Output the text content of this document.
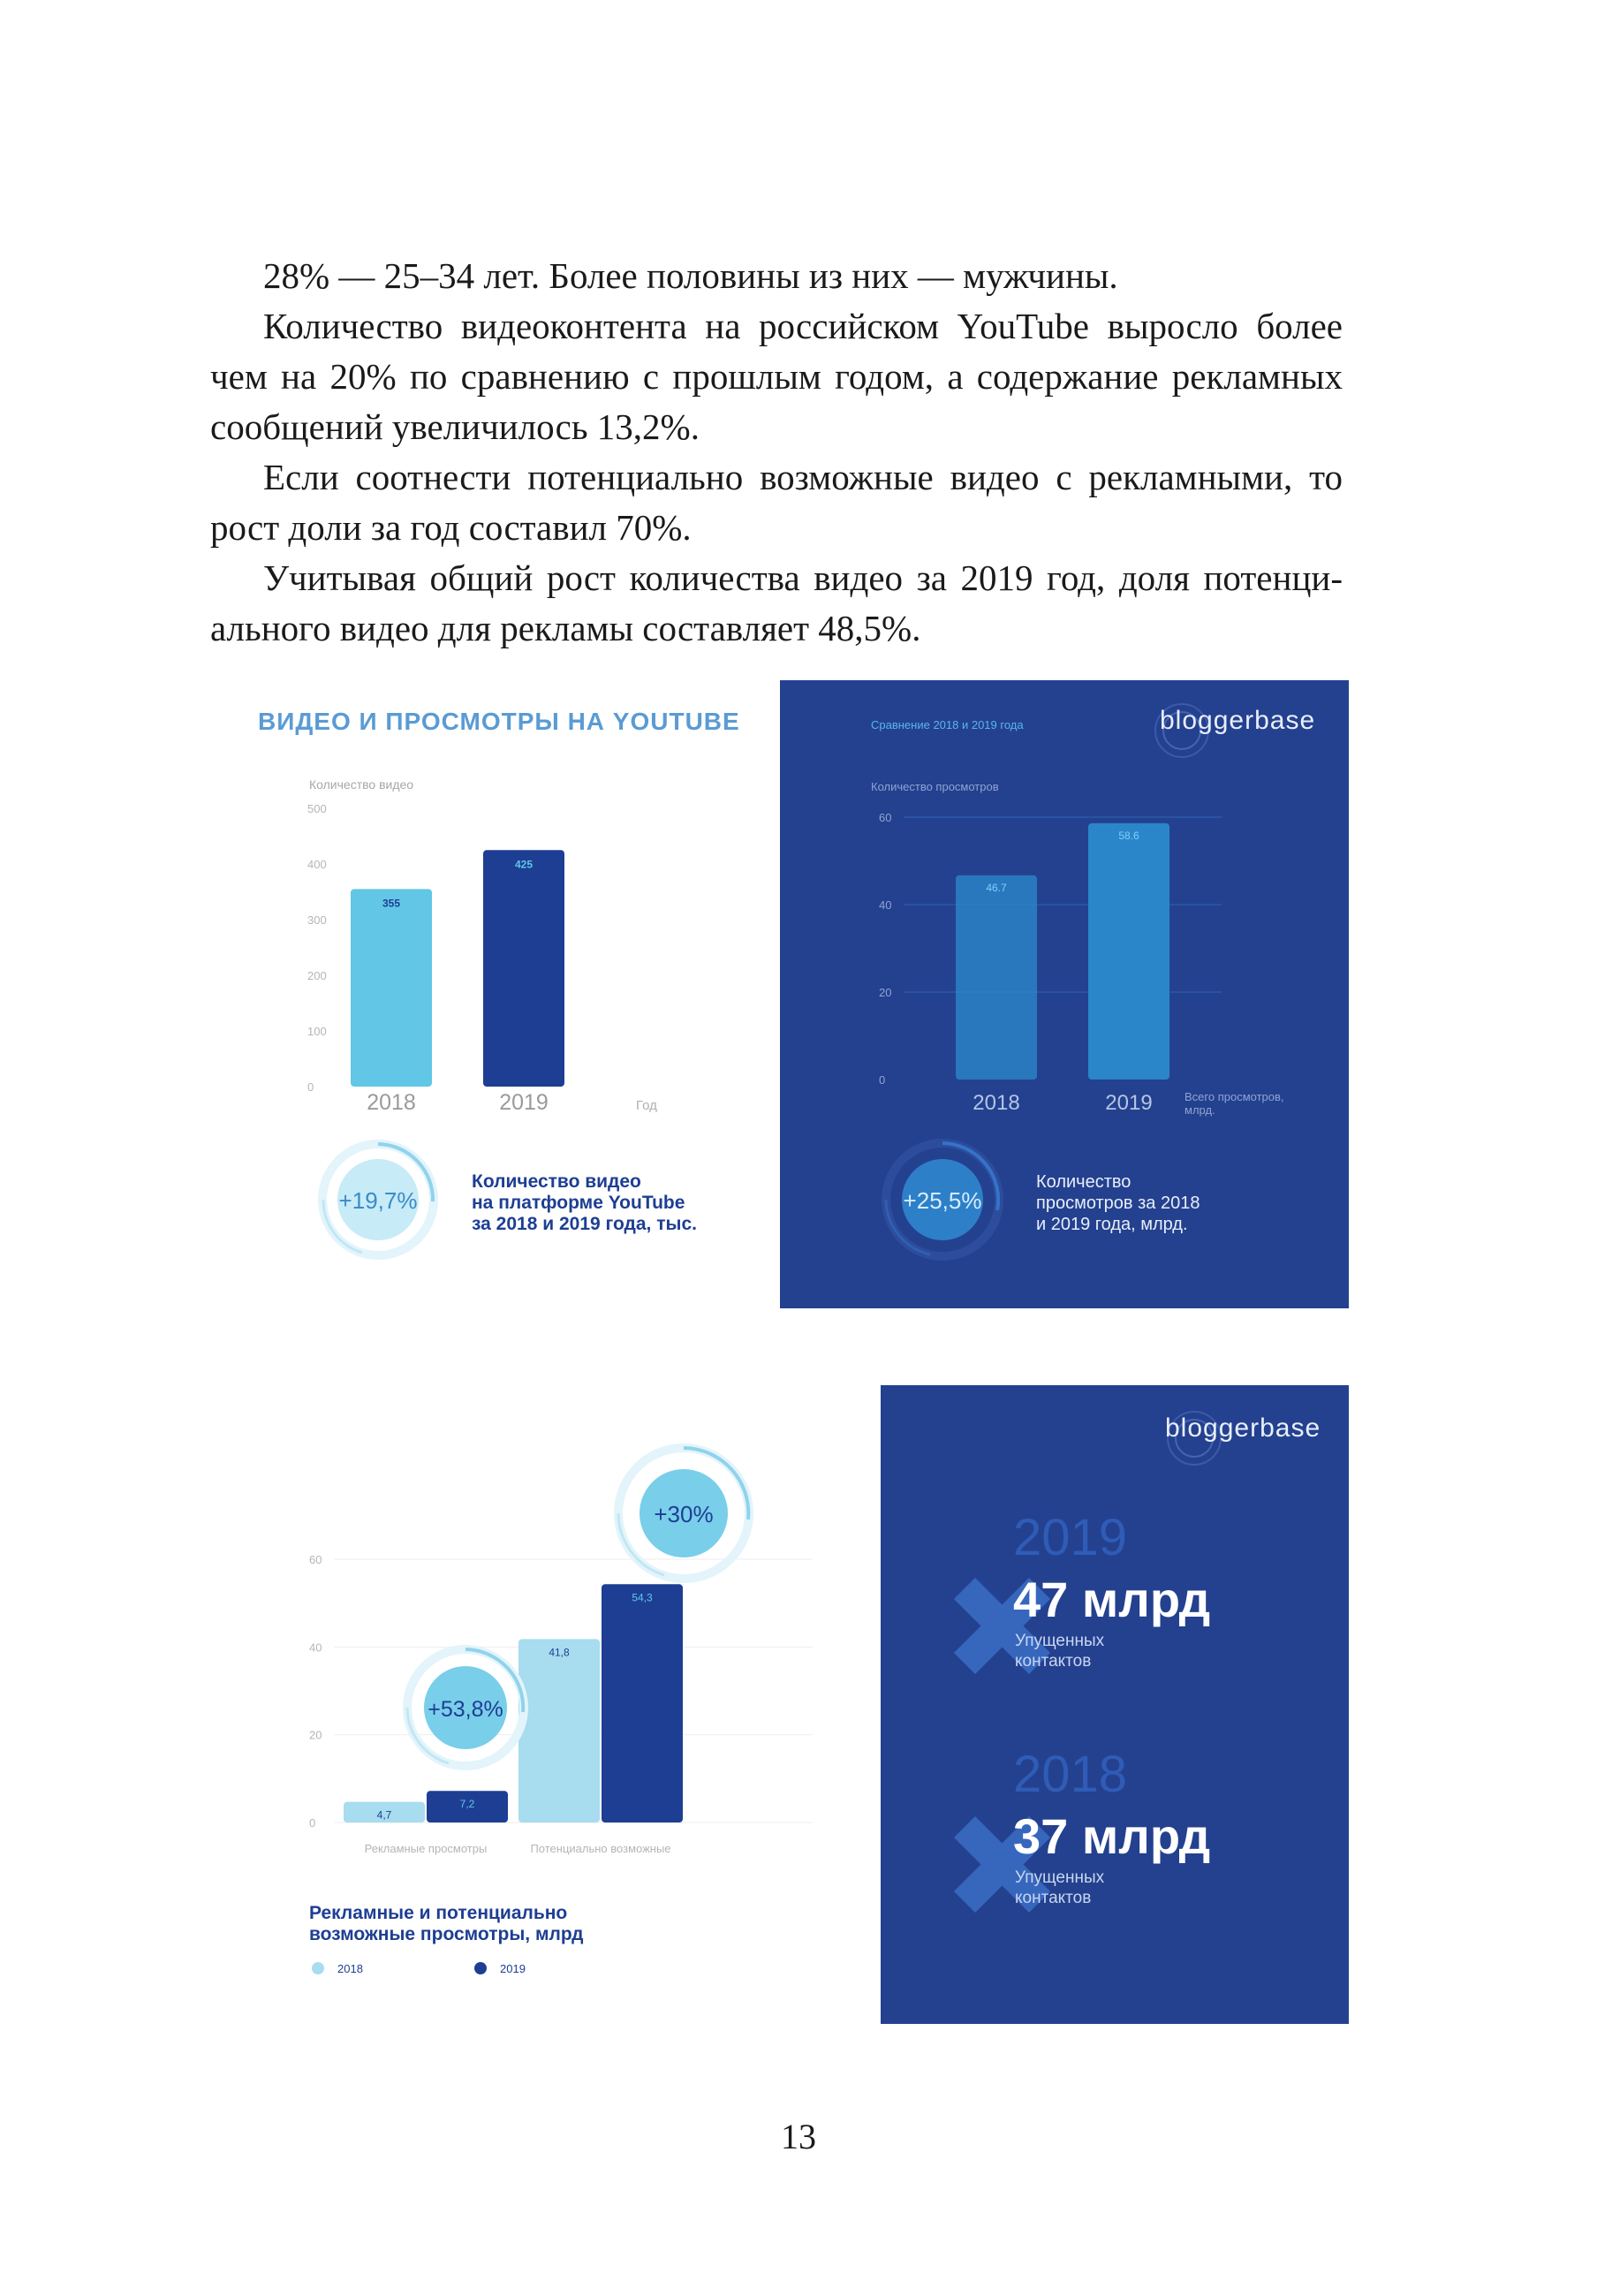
28% — 25–34 лет. Более половины из них — мужчины.

Количество видеоконтента на российском YouTube выросло более чем на 20% по сравнению с прошлым годом, а содержание рекламных сообщений увеличилось 13,2%.

Если соотнести потенциально возможные видео с рекламными, то рост доли за год составил 70%.

Учитывая общий рост количества видео за 2019 год, доля потенциального видео для рекламы составляет 48,5%.

ВИДЕО И ПРОСМОТРЫ НА YOUTUBE
Количество видео
500
400
300
200
100
0
355
2018
425
2019	Год
+19,7%
Количество видео на платформе YouTube за 2018 и 2019 года, тыс.
Сравнение 2018 и 2019 года	bloggerbase
Количество просмотров
60
40
20
0
46.7
2018
58.6
2019	Всего просмотров, млрд.
+25,5%
Количество просмотров за 2018 и 2019 года, млрд.
60
40
20
0
4,7
41,8
7,2
54,3
Рекламные просмотры	Потенциально возможные
+53,8%
+30%
Рекламные и потенциально возможные просмотры, млрд
2018	2019
bloggerbase
2019
47 млрд
Упущенных контактов
2018
37 млрд
Упущенных контактов
13
